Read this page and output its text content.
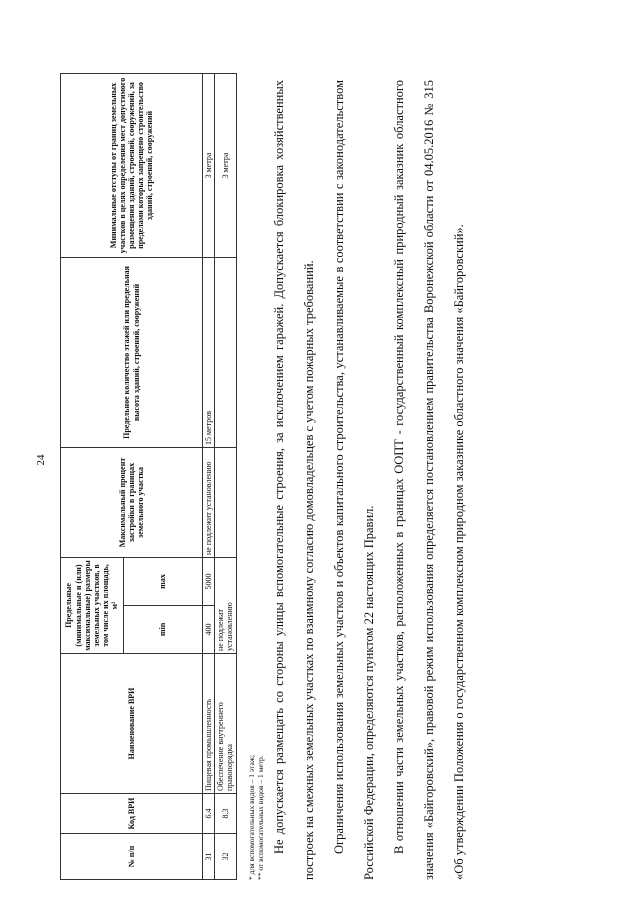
24
№ п/п	Код ВРИ	Наименование ВРИ	Предельные (минимальные и (или) максимальные) размеры земельных участков, в том числе их площадь, м²		Максимальный процент застройки в границах земельного участка	Предельное количество этажей или предельная высота зданий, строений, сооружений	Минимальные отступы от границ земельных участков в целях определения мест допустимого размещения зданий, строений, сооружений, за пределами которых запрещено строительство зданий, строений, сооружений
			min	max			
31	6.4	Пищевая промышленность	400	5000	не подлежит установлению	15 метров	3 метра
32	8.3	Обеспечение внутреннего правопорядка	не подлежат установлению				3 метра
* для вспомогательных видов – 1 этаж; ** от вспомогательных видов – 1 метр. Не допускается размещать со стороны улицы вспомогательные строения, за исключением гаражей. Допускается блокировка хозяйственных построек на смежных земельных участках по взаимному согласию домовладельцев с учетом пожарных требований.	Ограничения использования земельных участков и объектов капитального строительства, устанавливаемые в соответствии с законодательством Российской Федерации, определяются пунктом 22 настоящих Правил.	В отношении части земельных участков, расположенных в границах ООПТ - государственный комплексный природный заказник областного значения «Байгоровский», правовой режим использования определяется постановлением правительства Воронежской области от 04.05.2016 № 315 «Об утверждении Положения о государственном комплексном природном заказнике областного значения «Байгоровский».
